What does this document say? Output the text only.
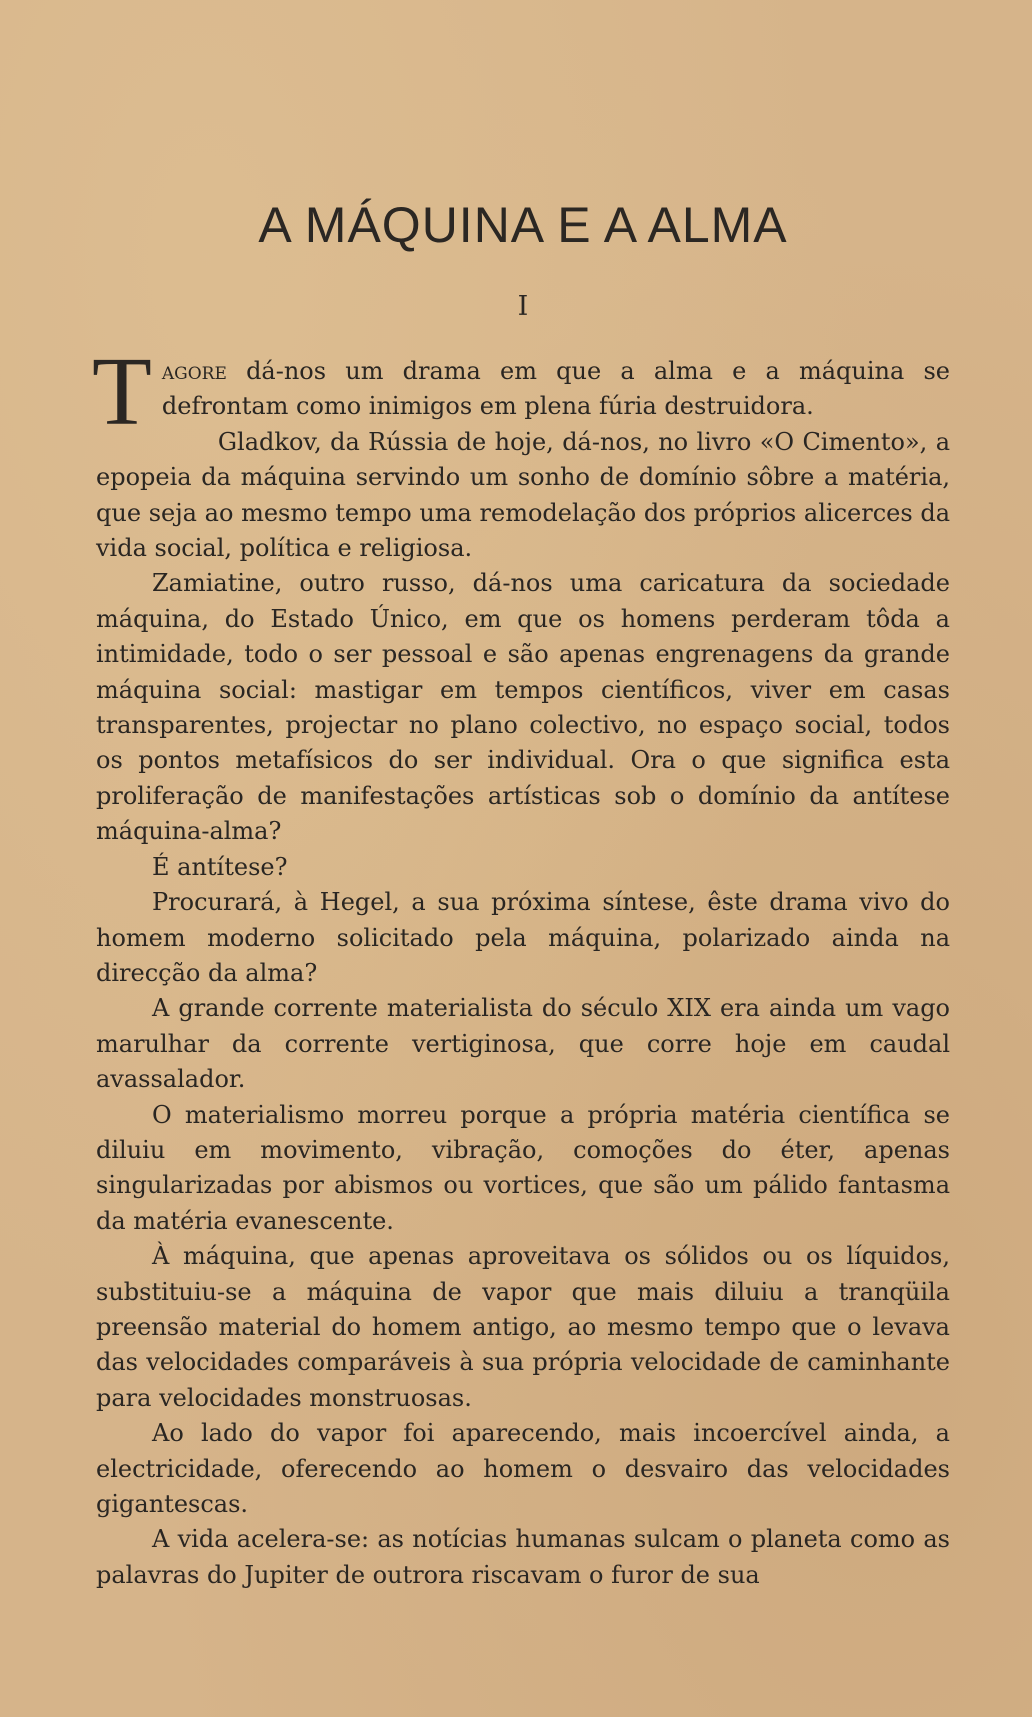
A MÁQUINA E A ALMA
I

Tagore dá-nos um drama em que a alma e a máquina se defrontam como inimigos em plena fúria destruidora.

Gladkov, da Rússia de hoje, dá-nos, no livro «O Cimento», a epopeia da máquina servindo um sonho de domínio sôbre a matéria, que seja ao mesmo tempo uma remodelação dos próprios alicerces da vida social, política e religiosa.

Zamiatine, outro russo, dá-nos uma caricatura da sociedade máquina, do Estado Único, em que os homens perderam tôda a intimidade, todo o ser pessoal e são apenas engrenagens da grande máquina social: mastigar em tempos científicos, viver em casas transparentes, projectar no plano colectivo, no espaço social, todos os pontos metafísicos do ser individual. Ora o que significa esta proliferação de manifestações artísticas sob o domínio da antítese máquina-alma?

É antítese?

Procurará, à Hegel, a sua próxima síntese, êste drama vivo do homem moderno solicitado pela máquina, polarizado ainda na direcção da alma?

A grande corrente materialista do século XIX era ainda um vago marulhar da corrente vertiginosa, que corre hoje em caudal avassalador.

O materialismo morreu porque a própria matéria científica se diluiu em movimento, vibração, comoções do éter, apenas singularizadas por abismos ou vortices, que são um pálido fantasma da matéria evanescente.

À máquina, que apenas aproveitava os sólidos ou os líquidos, substituiu-se a máquina de vapor que mais diluiu a tranqüila preensão material do homem antigo, ao mesmo tempo que o levava das velocidades comparáveis à sua própria velocidade de caminhante para velocidades monstruosas.

Ao lado do vapor foi aparecendo, mais incoercível ainda, a electricidade, oferecendo ao homem o desvairo das velocidades gigantescas.

A vida acelera-se: as notícias humanas sulcam o planeta como as palavras do Jupiter de outrora riscavam o furor de sua
